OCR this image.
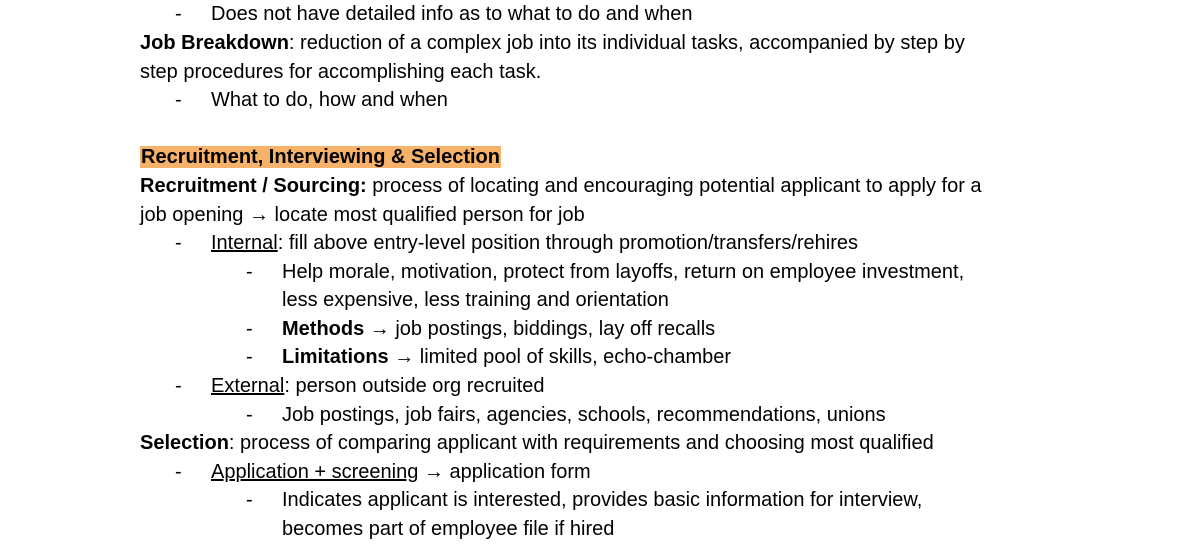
- Does not have detailed info as to what to do and when
Job Breakdown: reduction of a complex job into its individual tasks, accompanied by step by
step procedures for accomplishing each task.
- What to do, how and when
Recruitment, Interviewing & Selection
Recruitment / Sourcing: process of locating and encouraging potential applicant to apply for a
job opening → locate most qualified person for job
- Internal: fill above entry-level position through promotion/transfers/rehires
- Help morale, motivation, protect from layoffs, return on employee investment,
less expensive, less training and orientation
- Methods → job postings, biddings, lay off recalls
- Limitations → limited pool of skills, echo-chamber
- External: person outside org recruited
- Job postings, job fairs, agencies, schools, recommendations, unions
Selection: process of comparing applicant with requirements and choosing most qualified
- Application + screening → application form
- Indicates applicant is interested, provides basic information for interview,
becomes part of employee file if hired
